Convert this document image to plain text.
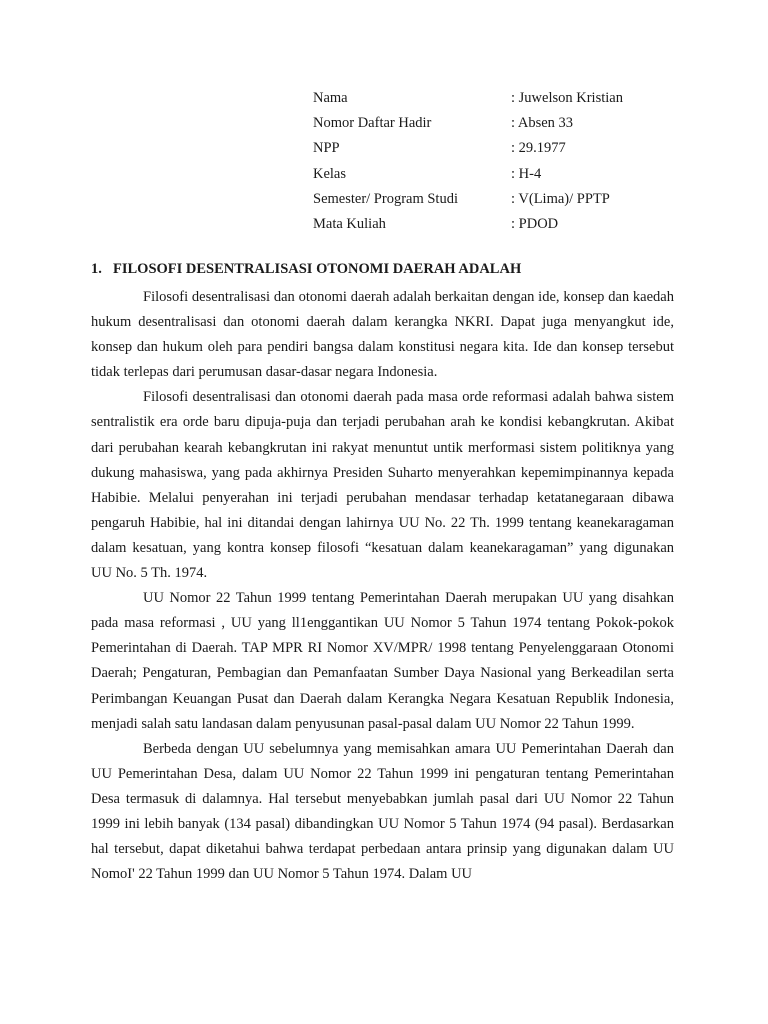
Nama	: Juwelson Kristian
Nomor Daftar Hadir	: Absen 33
NPP	: 29.1977
Kelas	: H-4
Semester/ Program Studi	: V(Lima)/ PPTP
Mata Kuliah	: PDOD
1. FILOSOFI DESENTRALISASI OTONOMI DAERAH ADALAH

Filosofi desentralisasi dan otonomi daerah adalah berkaitan dengan ide, konsep dan kaedah hukum desentralisasi dan otonomi daerah dalam kerangka NKRI. Dapat juga menyangkut ide, konsep dan hukum oleh para pendiri bangsa dalam konstitusi negara kita. Ide dan konsep tersebut tidak terlepas dari perumusan dasar-dasar negara Indonesia.

Filosofi desentralisasi dan otonomi daerah pada masa orde reformasi adalah bahwa sistem sentralistik era orde baru dipuja-puja dan terjadi perubahan arah ke kondisi kebangkrutan. Akibat dari perubahan kearah kebangkrutan ini rakyat menuntut untik merformasi sistem politiknya yang dukung mahasiswa, yang pada akhirnya Presiden Suharto menyerahkan kepemimpinannya kepada Habibie. Melalui penyerahan ini terjadi perubahan mendasar terhadap ketatanegaraan dibawa pengaruh Habibie, hal ini ditandai dengan lahirnya UU No. 22 Th. 1999 tentang keanekaragaman dalam kesatuan, yang kontra konsep filosofi “kesatuan dalam keanekaragaman” yang digunakan UU No. 5 Th. 1974.

UU Nomor 22 Tahun 1999 tentang Pemerintahan Daerah merupakan UU yang disahkan pada masa reformasi , UU yang ll1enggantikan UU Nomor 5 Tahun 1974 tentang Pokok-pokok Pemerintahan di Daerah. TAP MPR RI Nomor XV/MPR/ 1998 tentang Penyelenggaraan Otonomi Daerah; Pengaturan, Pembagian dan Pemanfaatan Sumber Daya Nasional yang Berkeadilan serta Perimbangan Keuangan Pusat dan Daerah dalam Kerangka Negara Kesatuan Republik Indonesia, menjadi salah satu landasan dalam penyusunan pasal-pasal dalam UU Nomor 22 Tahun 1999.

Berbeda dengan UU sebelumnya yang memisahkan amara UU Pemerintahan Daerah dan UU Pemerintahan Desa, dalam UU Nomor 22 Tahun 1999 ini pengaturan tentang Pemerintahan Desa termasuk di dalamnya. Hal tersebut menyebabkan jumlah pasal dari UU Nomor 22 Tahun 1999 ini lebih banyak (134 pasal) dibandingkan UU Nomor 5 Tahun 1974 (94 pasal). Berdasarkan hal tersebut, dapat diketahui bahwa terdapat perbedaan antara prinsip yang digunakan dalam UU NomoI' 22 Tahun 1999 dan UU Nomor 5 Tahun 1974. Dalam UU
